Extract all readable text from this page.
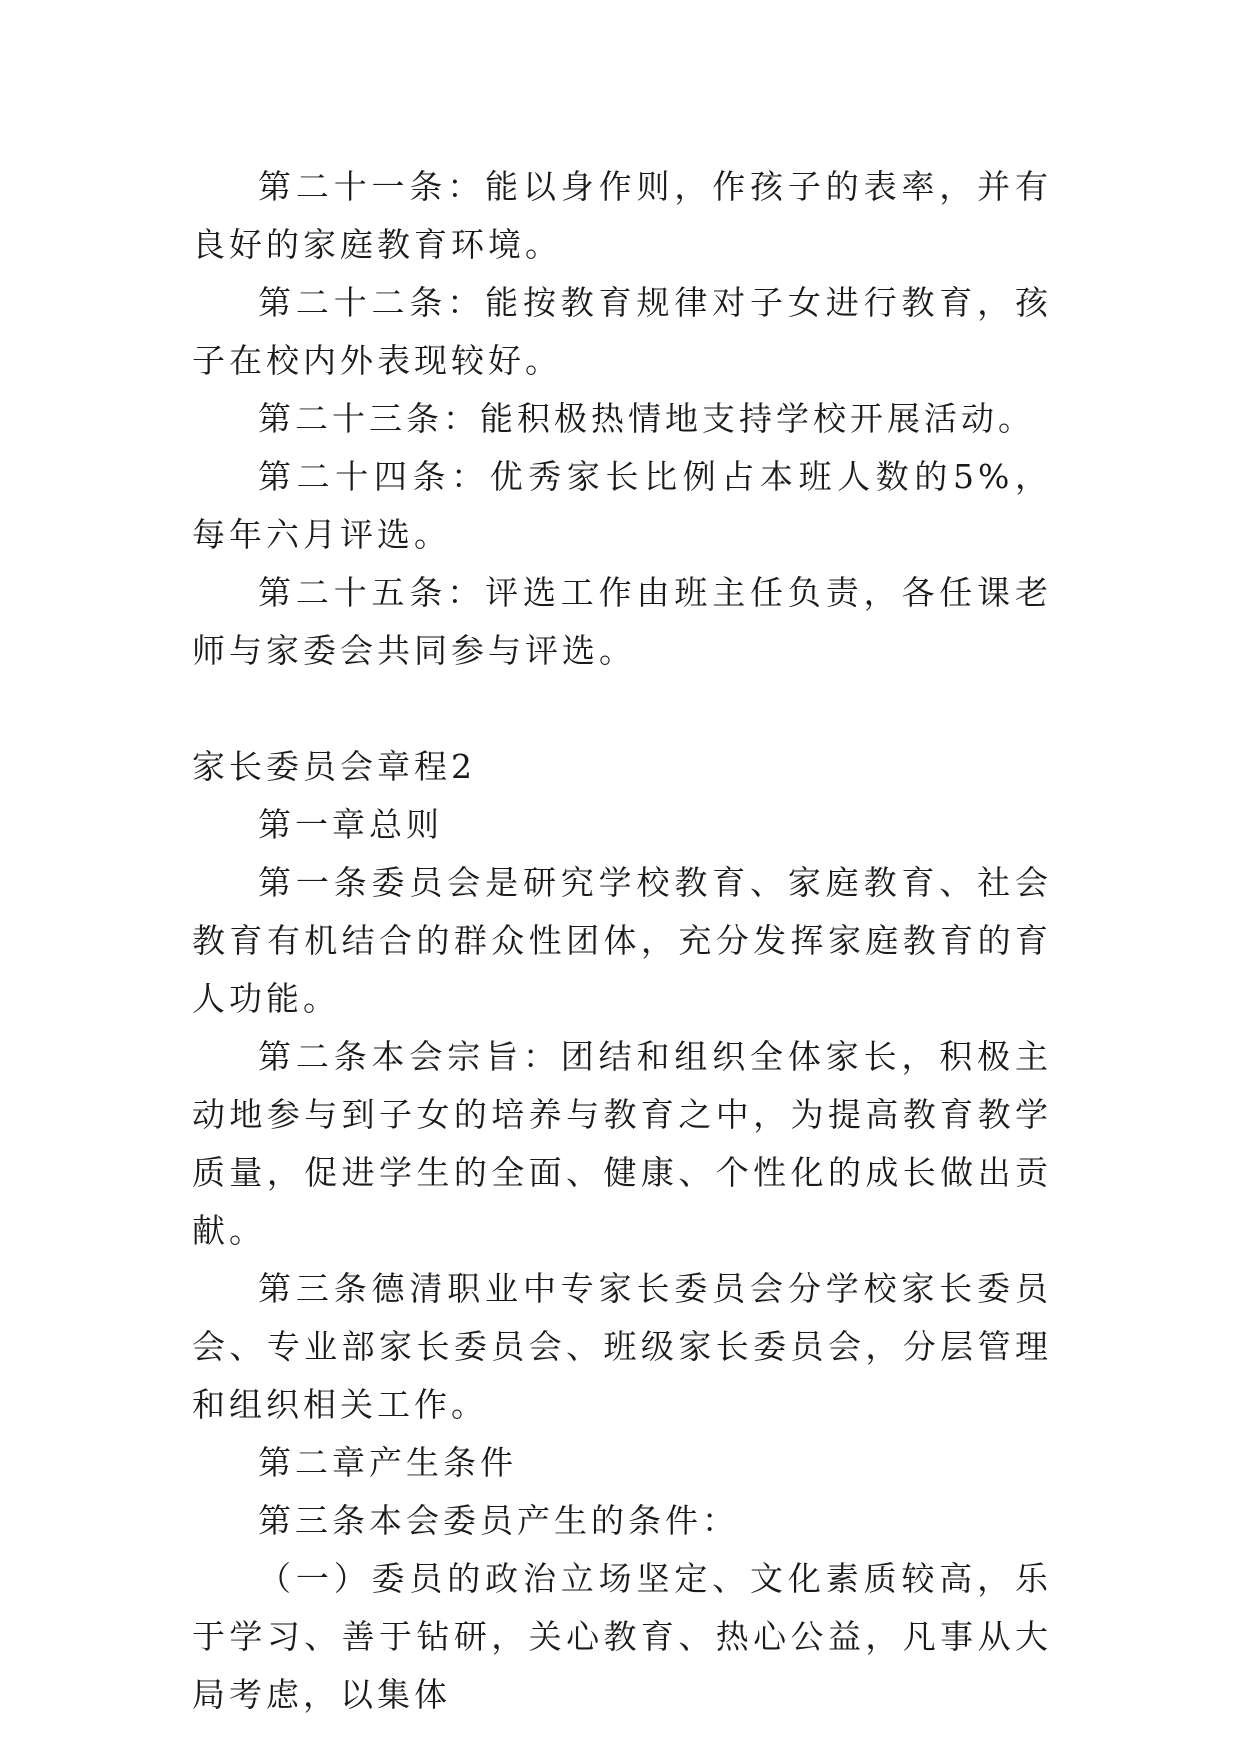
第二十一条：能以身作则，作孩子的表率，并有良好的家庭教育环境。

第二十二条：能按教育规律对子女进行教育，孩子在校内外表现较好。

第二十三条：能积极热情地支持学校开展活动。

第二十四条：优秀家长比例占本班人数的5%，每年六月评选。

第二十五条：评选工作由班主任负责，各任课老师与家委会共同参与评选。

家长委员会章程2

第一章总则

第一条委员会是研究学校教育、家庭教育、社会教育有机结合的群众性团体，充分发挥家庭教育的育人功能。

第二条本会宗旨：团结和组织全体家长，积极主动地参与到子女的培养与教育之中，为提高教育教学质量，促进学生的全面、健康、个性化的成长做出贡献。

第三条德清职业中专家长委员会分学校家长委员会、专业部家长委员会、班级家长委员会，分层管理和组织相关工作。

第二章产生条件

第三条本会委员产生的条件：

（一）委员的政治立场坚定、文化素质较高，乐于学习、善于钻研，关心教育、热心公益，凡事从大局考虑，以集体
